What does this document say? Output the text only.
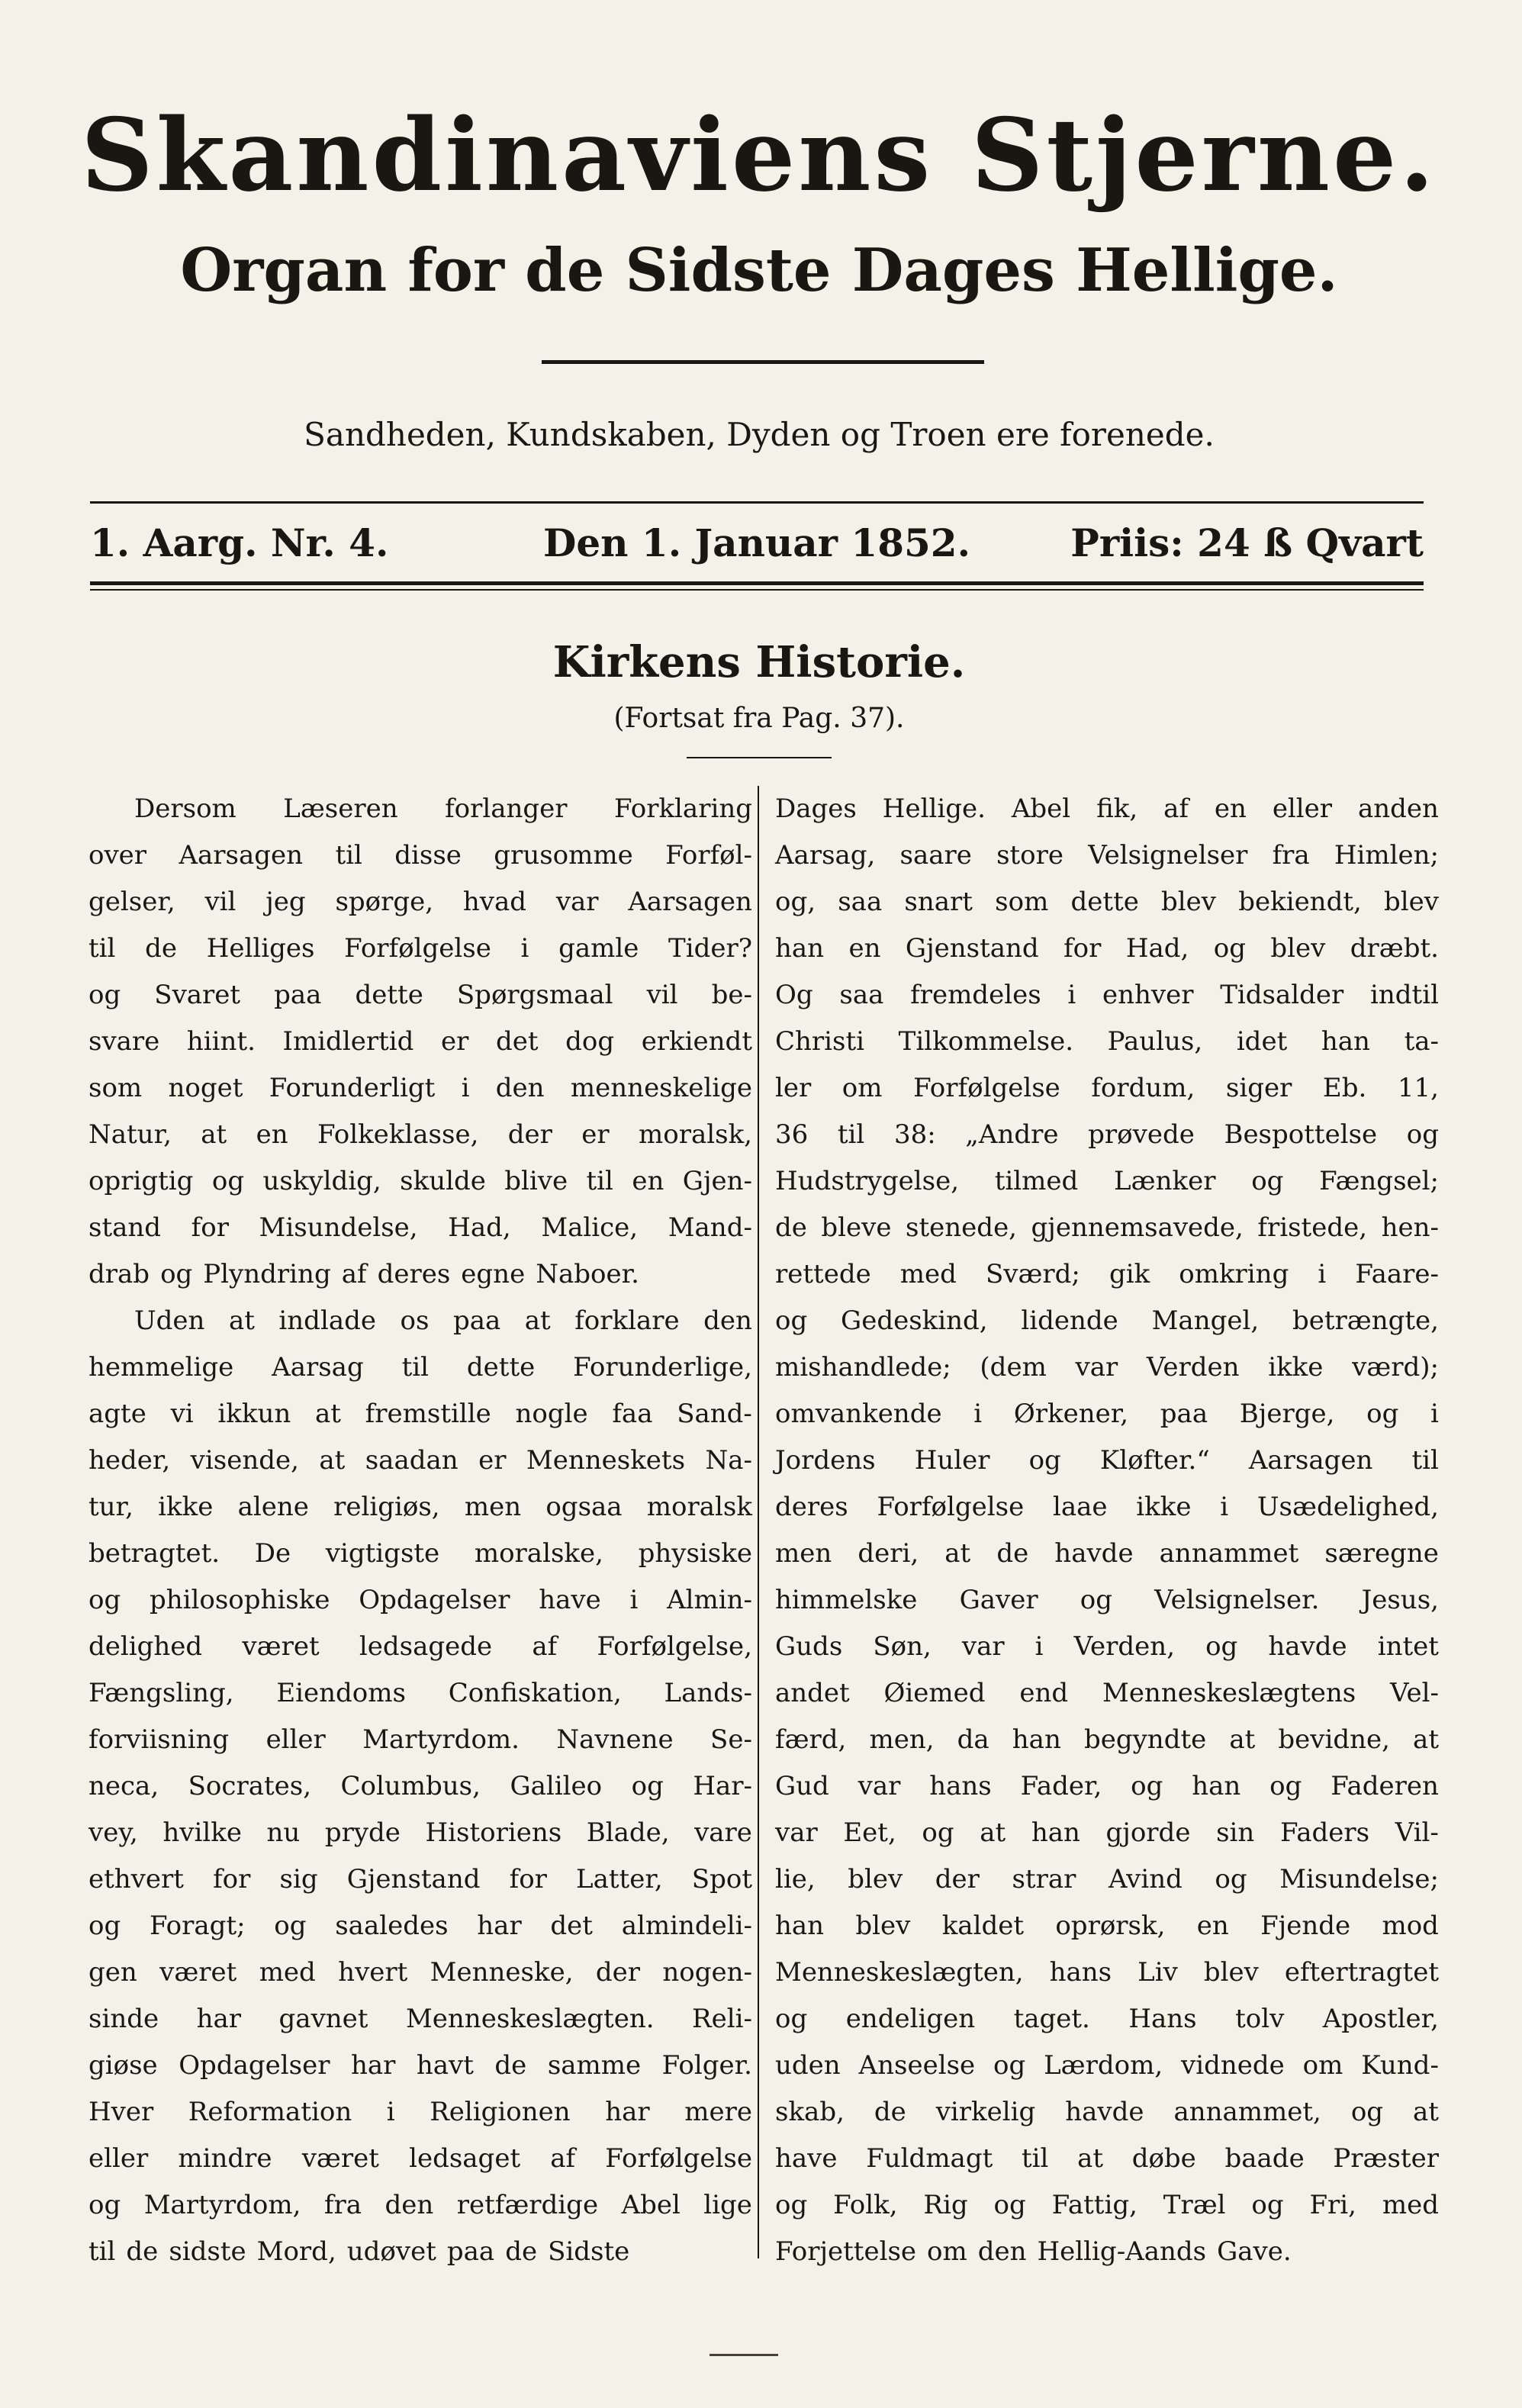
Skandinaviens Stjerne.
Organ for de Sidste Dages Hellige.
Sandheden, Kundskaben, Dyden og Troen ere forenede.
Den 1. Januar 1852.
1. Aarg. Nr. 4.	Priis: 24 ß Qvart
Kirkens Historie.
(Fortsat fra Pag. 37).
Dersom Læseren forlanger Forklaring
over Aarsagen til disse grusomme Forføl-
gelser, vil jeg spørge, hvad var Aarsagen
til de Helliges Forfølgelse i gamle Tider?
og Svaret paa dette Spørgsmaal vil be-
svare hiint. Imidlertid er det dog erkiendt
som noget Forunderligt i den menneskelige
Natur, at en Folkeklasse, der er moralsk,
oprigtig og uskyldig, skulde blive til en Gjen-
stand for Misundelse, Had, Malice, Mand-
drab og Plyndring af deres egne Naboer.
Uden at indlade os paa at forklare den
hemmelige Aarsag til dette Forunderlige,
agte vi ikkun at fremstille nogle faa Sand-
heder, visende, at saadan er Menneskets Na-
tur, ikke alene religiøs, men ogsaa moralsk
betragtet. De vigtigste moralske, physiske
og philosophiske Opdagelser have i Almin-
delighed været ledsagede af Forfølgelse,
Fængsling, Eiendoms Confiskation, Lands-
forviisning eller Martyrdom. Navnene Se-
neca, Socrates, Columbus, Galileo og Har-
vey, hvilke nu pryde Historiens Blade, vare
ethvert for sig Gjenstand for Latter, Spot
og Foragt; og saaledes har det almindeli-
gen været med hvert Menneske, der nogen-
sinde har gavnet Menneskeslægten. Reli-
giøse Opdagelser har havt de samme Folger.
Hver Reformation i Religionen har mere
eller mindre været ledsaget af Forfølgelse
og Martyrdom, fra den retfærdige Abel lige
til de sidste Mord, udøvet paa de Sidste
Dages Hellige. Abel fik, af en eller anden
Aarsag, saare store Velsignelser fra Himlen;
og, saa snart som dette blev bekiendt, blev
han en Gjenstand for Had, og blev dræbt.
Og saa fremdeles i enhver Tidsalder indtil
Christi Tilkommelse. Paulus, idet han ta-
ler om Forfølgelse fordum, siger Eb. 11,
36 til 38: „Andre prøvede Bespottelse og
Hudstrygelse, tilmed Lænker og Fængsel;
de bleve stenede, gjennemsavede, fristede, hen-
rettede med Sværd; gik omkring i Faare-
og Gedeskind, lidende Mangel, betrængte,
mishandlede; (dem var Verden ikke værd);
omvankende i Ørkener, paa Bjerge, og i
Jordens Huler og Kløfter.“ Aarsagen til
deres Forfølgelse laae ikke i Usædelighed,
men deri, at de havde annammet særegne
himmelske Gaver og Velsignelser. Jesus,
Guds Søn, var i Verden, og havde intet
andet Øiemed end Menneskeslægtens Vel-
færd, men, da han begyndte at bevidne, at
Gud var hans Fader, og han og Faderen
var Eet, og at han gjorde sin Faders Vil-
lie, blev der strar Avind og Misundelse;
han blev kaldet oprørsk, en Fjende mod
Menneskeslægten, hans Liv blev eftertragtet
og endeligen taget. Hans tolv Apostler,
uden Anseelse og Lærdom, vidnede om Kund-
skab, de virkelig havde annammet, og at
have Fuldmagt til at døbe baade Præster
og Folk, Rig og Fattig, Træl og Fri, med
Forjettelse om den Hellig-Aands Gave.
